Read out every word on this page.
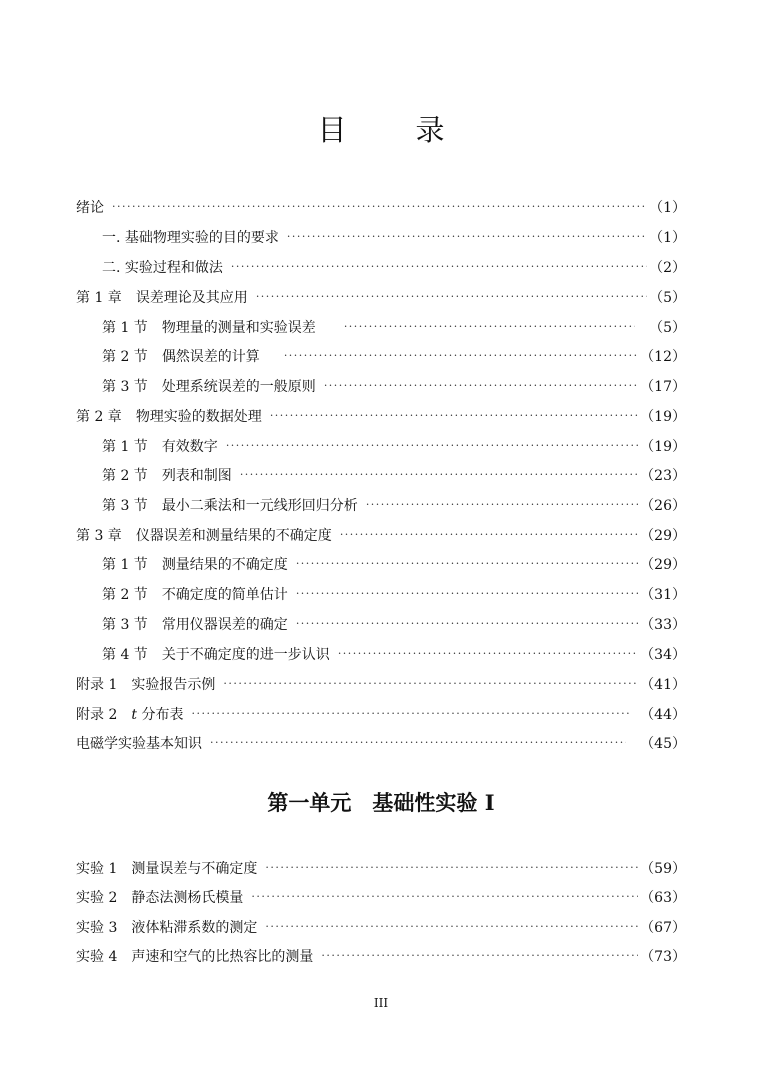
目　录
绪论 ·····	（1）
一. 基础物理实验的目的要求 ·····	（1）
二. 实验过程和做法 ·····	（2）
第 1 章 误差理论及其应用 ·····	（5）
第 1 节 物理量的测量和实验误差 ·····	（5）
第 2 节 偶然误差的计算 ·····	（12）
第 3 节 处理系统误差的一般原则 ·····	（17）
第 2 章 物理实验的数据处理 ·····	（19）
第 1 节 有效数字 ·····	（19）
第 2 节 列表和制图 ·····	（23）
第 3 节 最小二乘法和一元线形回归分析 ·····	（26）
第 3 章 仪器误差和测量结果的不确定度 ·····	（29）
第 1 节 测量结果的不确定度 ·····	（29）
第 2 节 不确定度的简单估计 ·····	（31）
第 3 节 常用仪器误差的确定 ·····	（33）
第 4 节 关于不确定度的进一步认识 ·····	（34）
附录 1 实验报告示例 ·····	（41）
附录 2 t 分布表 ·····	（44）
电磁学实验基本知识 ·····	（45）
第一单元　基础性实验 I
实验 1 测量误差与不确定度 ·····	（59）
实验 2 静态法测杨氏模量 ·····	（63）
实验 3 液体粘滞系数的测定 ·····	（67）
实验 4 声速和空气的比热容比的测量 ·····	（73）
III
